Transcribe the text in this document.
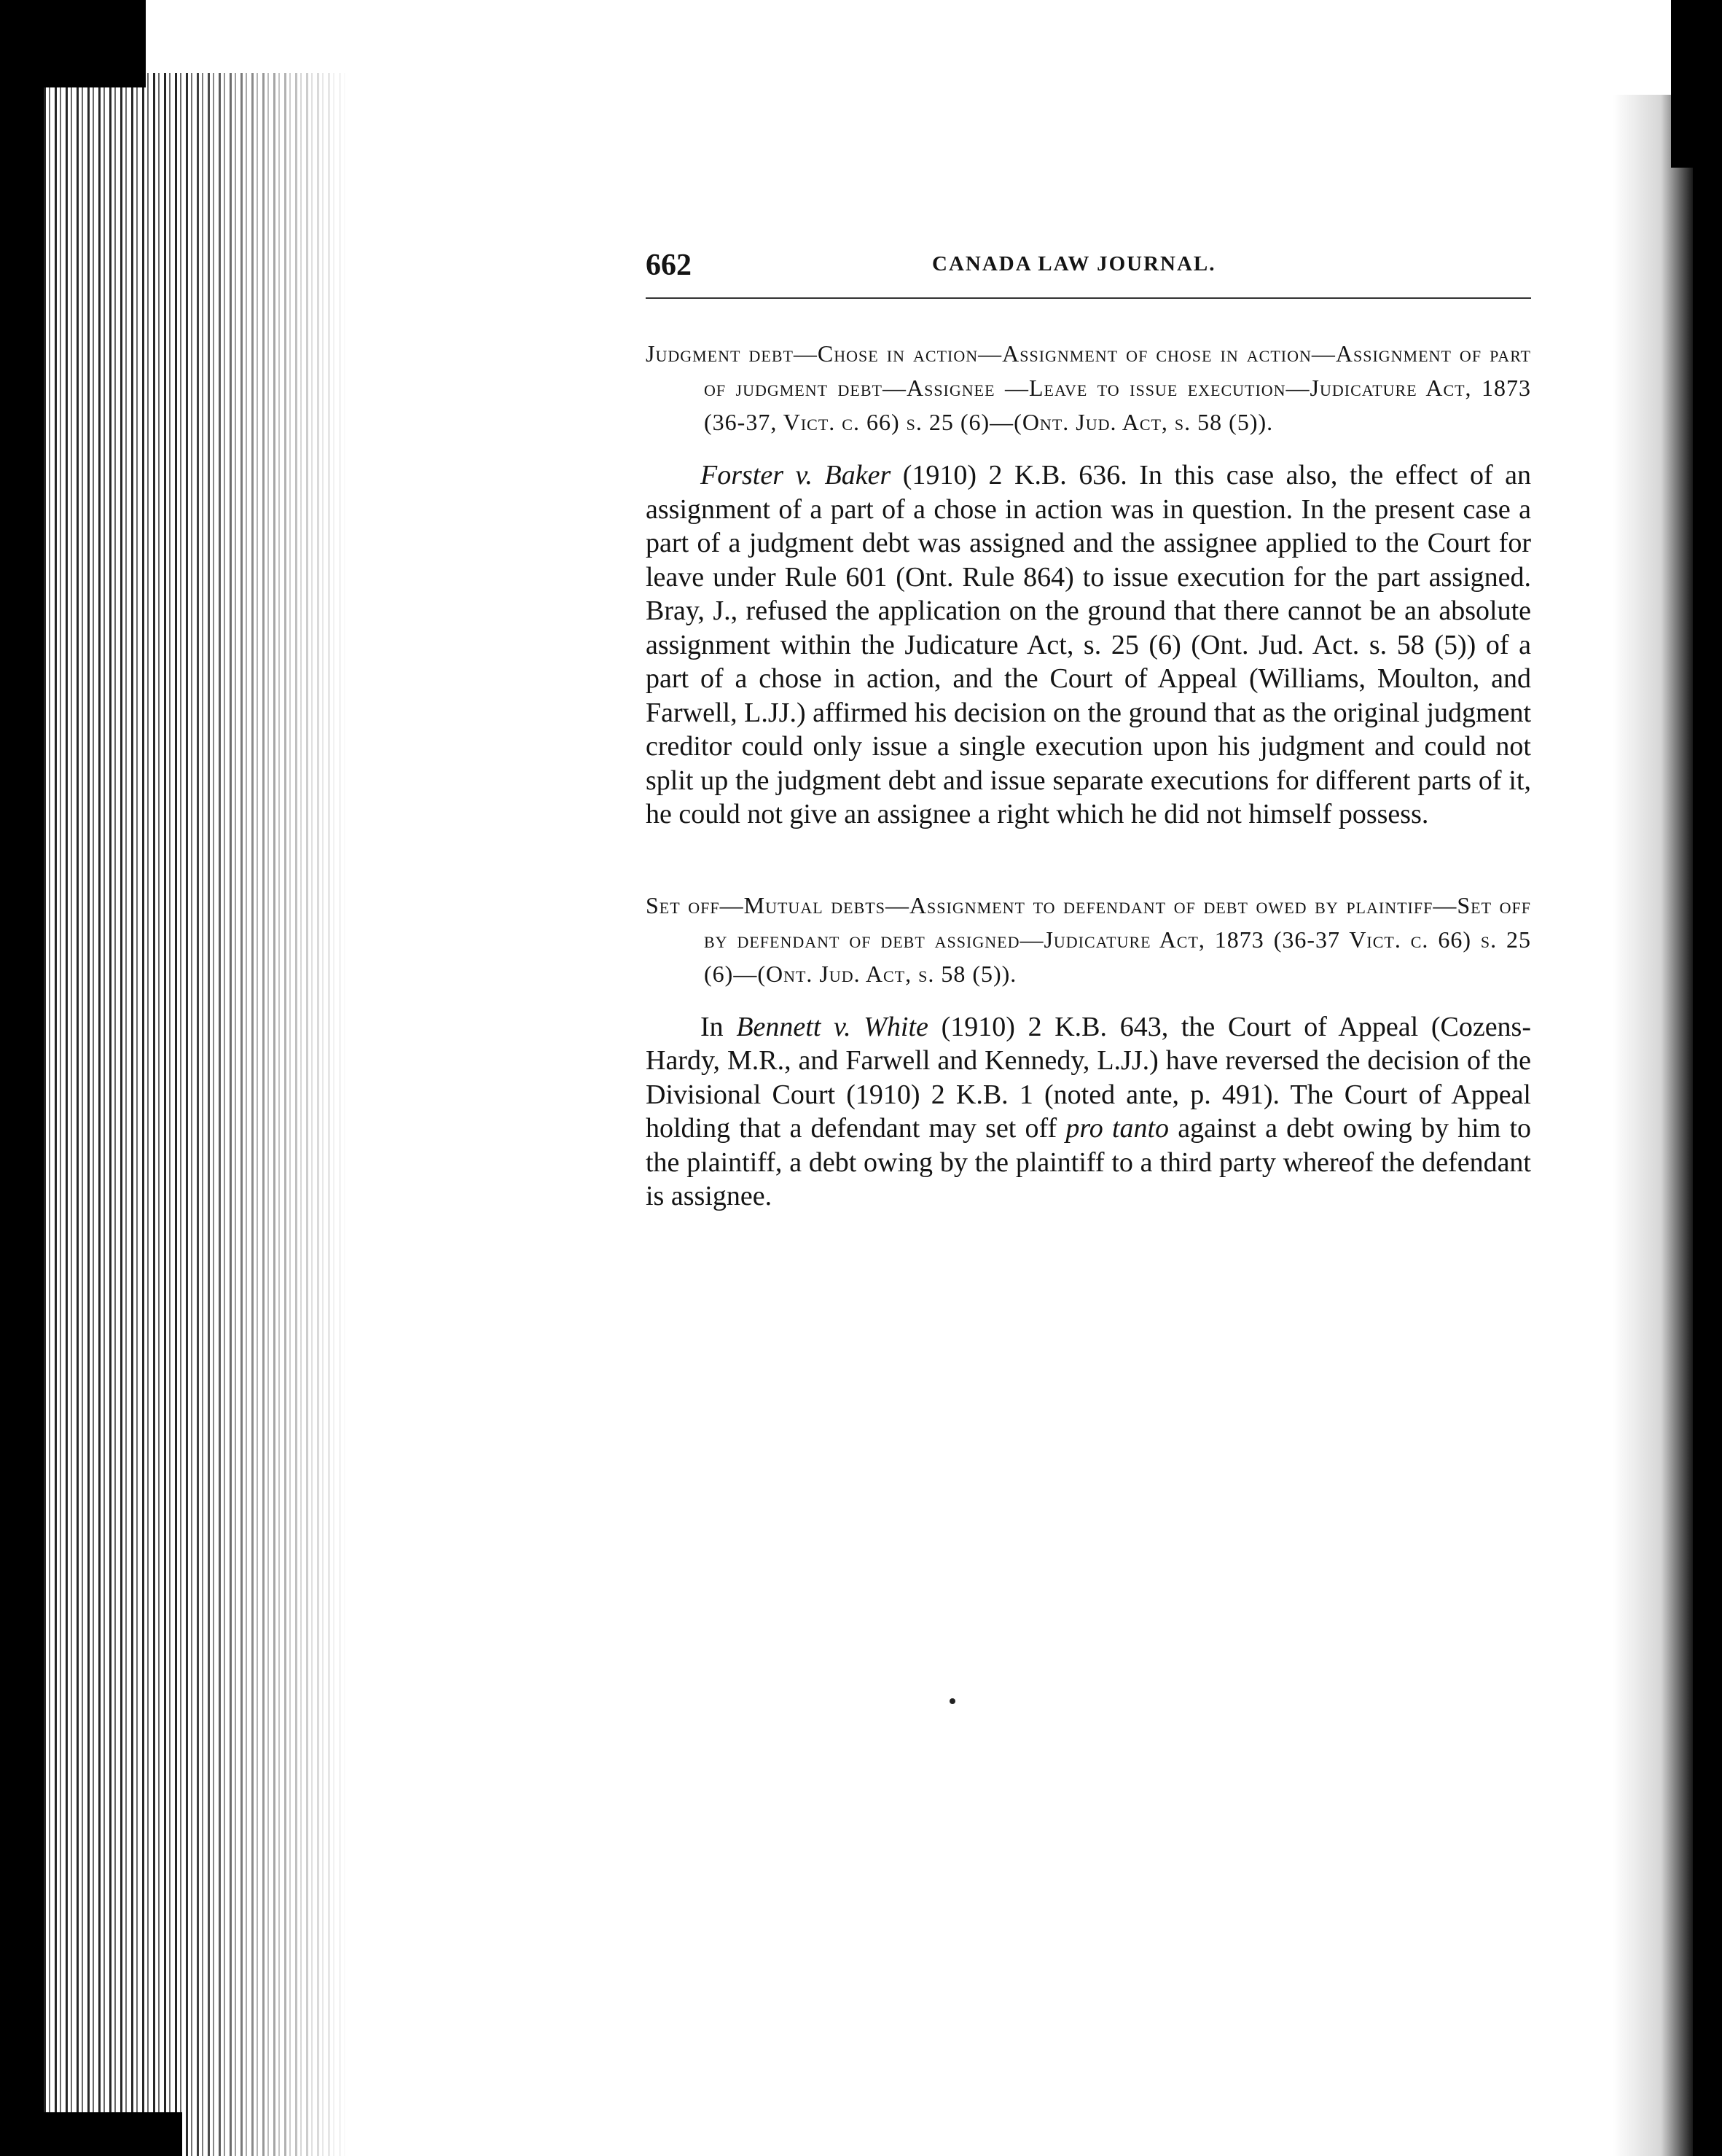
662	CANADA LAW JOURNAL.
Judgment debt—Chose in action—Assignment of chose in action—Assignment of part of judgment debt—Assignee —Leave to issue execution—Judicature Act, 1873 (36-37, Vict. c. 66) s. 25 (6)—(Ont. Jud. Act, s. 58 (5)).

Forster v. Baker (1910) 2 K.B. 636. In this case also, the effect of an assignment of a part of a chose in action was in question. In the present case a part of a judgment debt was assigned and the assignee applied to the Court for leave under Rule 601 (Ont. Rule 864) to issue execution for the part assigned. Bray, J., refused the application on the ground that there cannot be an absolute assignment within the Judicature Act, s. 25 (6) (Ont. Jud. Act. s. 58 (5)) of a part of a chose in action, and the Court of Appeal (Williams, Moulton, and Farwell, L.JJ.) affirmed his decision on the ground that as the original judgment creditor could only issue a single execution upon his judgment and could not split up the judgment debt and issue separate executions for different parts of it, he could not give an assignee a right which he did not himself possess.

Set off—Mutual debts—Assignment to defendant of debt owed by plaintiff—Set off by defendant of debt assigned—Judicature Act, 1873 (36-37 Vict. c. 66) s. 25 (6)—(Ont. Jud. Act, s. 58 (5)).

In Bennett v. White (1910) 2 K.B. 643, the Court of Appeal (Cozens-Hardy, M.R., and Farwell and Kennedy, L.JJ.) have reversed the decision of the Divisional Court (1910) 2 K.B. 1 (noted ante, p. 491). The Court of Appeal holding that a defendant may set off pro tanto against a debt owing by him to the plaintiff, a debt owing by the plaintiff to a third party whereof the defendant is assignee.
